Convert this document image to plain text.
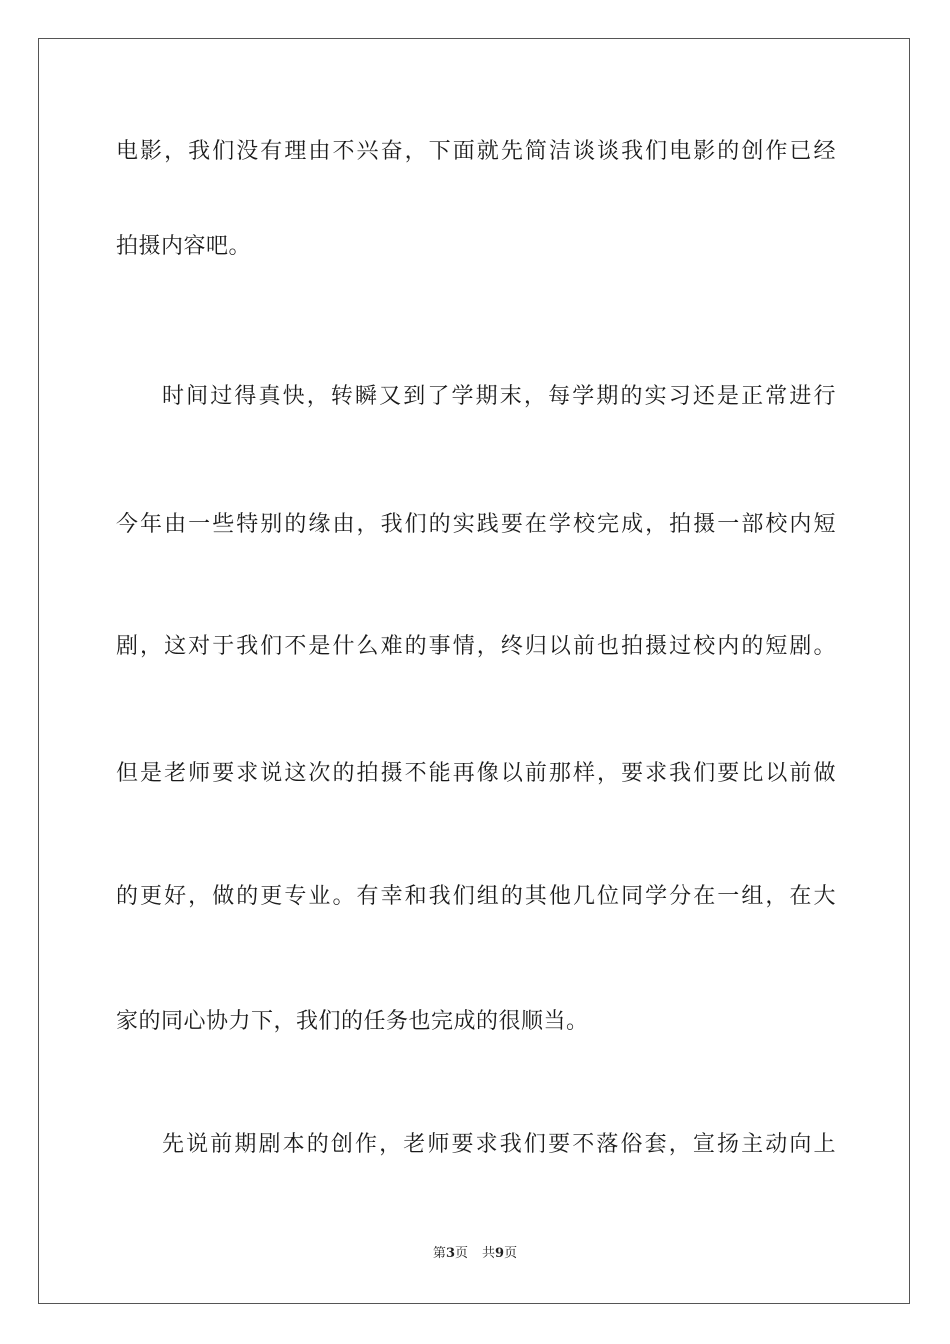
电影，我们没有理由不兴奋，下面就先简洁谈谈我们电影的创作已经
拍摄内容吧。
时间过得真快，转瞬又到了学期末，每学期的实习还是正常进行
今年由一些特别的缘由，我们的实践要在学校完成，拍摄一部校内短
剧，这对于我们不是什么难的事情，终归以前也拍摄过校内的短剧。
但是老师要求说这次的拍摄不能再像以前那样，要求我们要比以前做
的更好，做的更专业。有幸和我们组的其他几位同学分在一组，在大
家的同心协力下，我们的任务也完成的很顺当。
先说前期剧本的创作，老师要求我们要不落俗套，宣扬主动向上
第3页 共9页
